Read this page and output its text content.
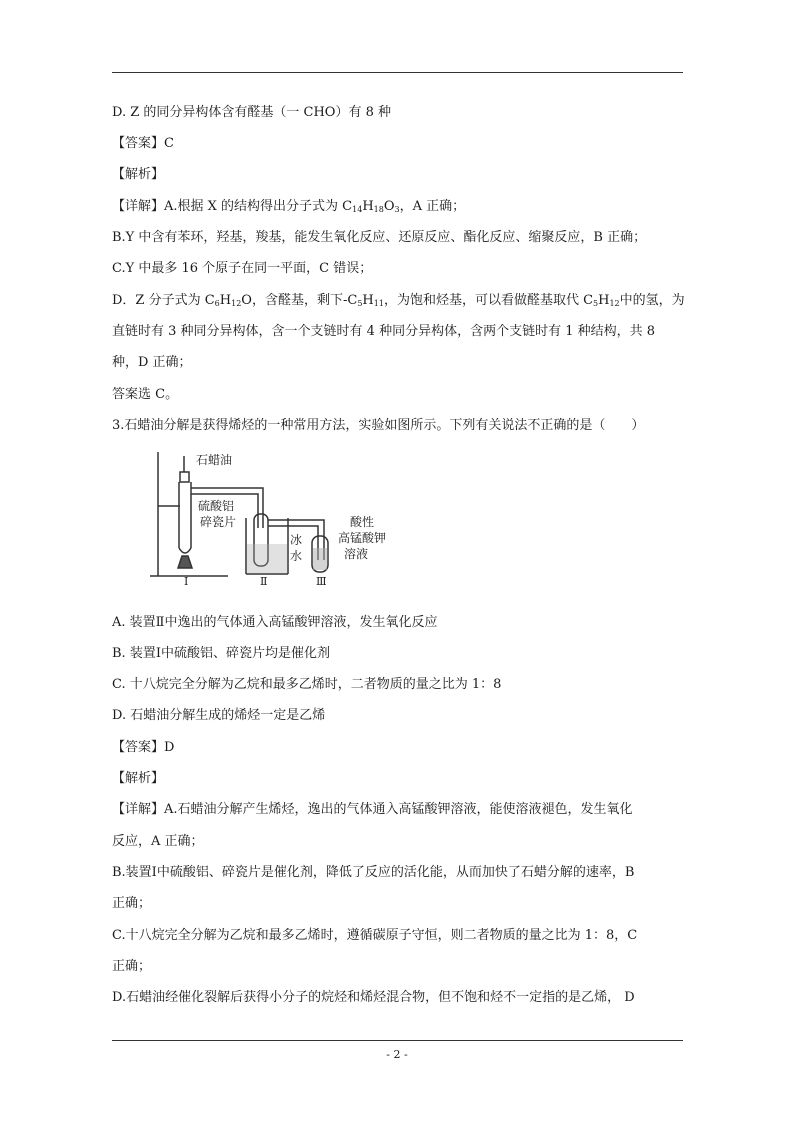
D. Z 的同分异构体含有醛基（一 CHO）有 8 种
【答案】C
【解析】
【详解】A.根据 X 的结构得出分子式为 $C_{14}H_{18}O_3$，A 正确；
B.Y 中含有苯环，羟基，羧基，能发生氧化反应、还原反应、酯化反应、缩聚反应，B 正确；
C.Y 中最多 16 个原子在同一平面，C 错误；
D．Z 分子式为 $C_6H_{12}O$，含醛基，剩下$-C_5H_{11}$，为饱和烃基，可以看做醛基取代 $C_5H_{12}$中的氢，为
直链时有 3 种同分异构体，含一个支链时有 4 种同分异构体，含两个支链时有 1 种结构，共 8
种，D 正确；
答案选 C。
3.石蜡油分解是获得烯烃的一种常用方法，实验如图所示。下列有关说法不正确的是（　　）
石蜡油
硫酸铝
碎瓷片
冰
水
酸性
高锰酸钾
溶液
Ⅰ	Ⅱ	Ⅲ
A. 装置Ⅱ中逸出的气体通入高锰酸钾溶液，发生氧化反应
B. 装置Ⅰ中硫酸铝、碎瓷片均是催化剂
C. 十八烷完全分解为乙烷和最多乙烯时，二者物质的量之比为 1：8
D. 石蜡油分解生成的烯烃一定是乙烯
【答案】D
【解析】
【详解】A.石蜡油分解产生烯烃，逸出的气体通入高锰酸钾溶液，能使溶液褪色，发生氧化
反应，A 正确；
B.装置Ⅰ中硫酸铝、碎瓷片是催化剂，降低了反应的活化能，从而加快了石蜡分解的速率，B
正确；
C.十八烷完全分解为乙烷和最多乙烯时，遵循碳原子守恒，则二者物质的量之比为 1：8，C
正确；
D.石蜡油经催化裂解后获得小分子的烷烃和烯烃混合物，但不饱和烃不一定指的是乙烯， D
- 2 -
